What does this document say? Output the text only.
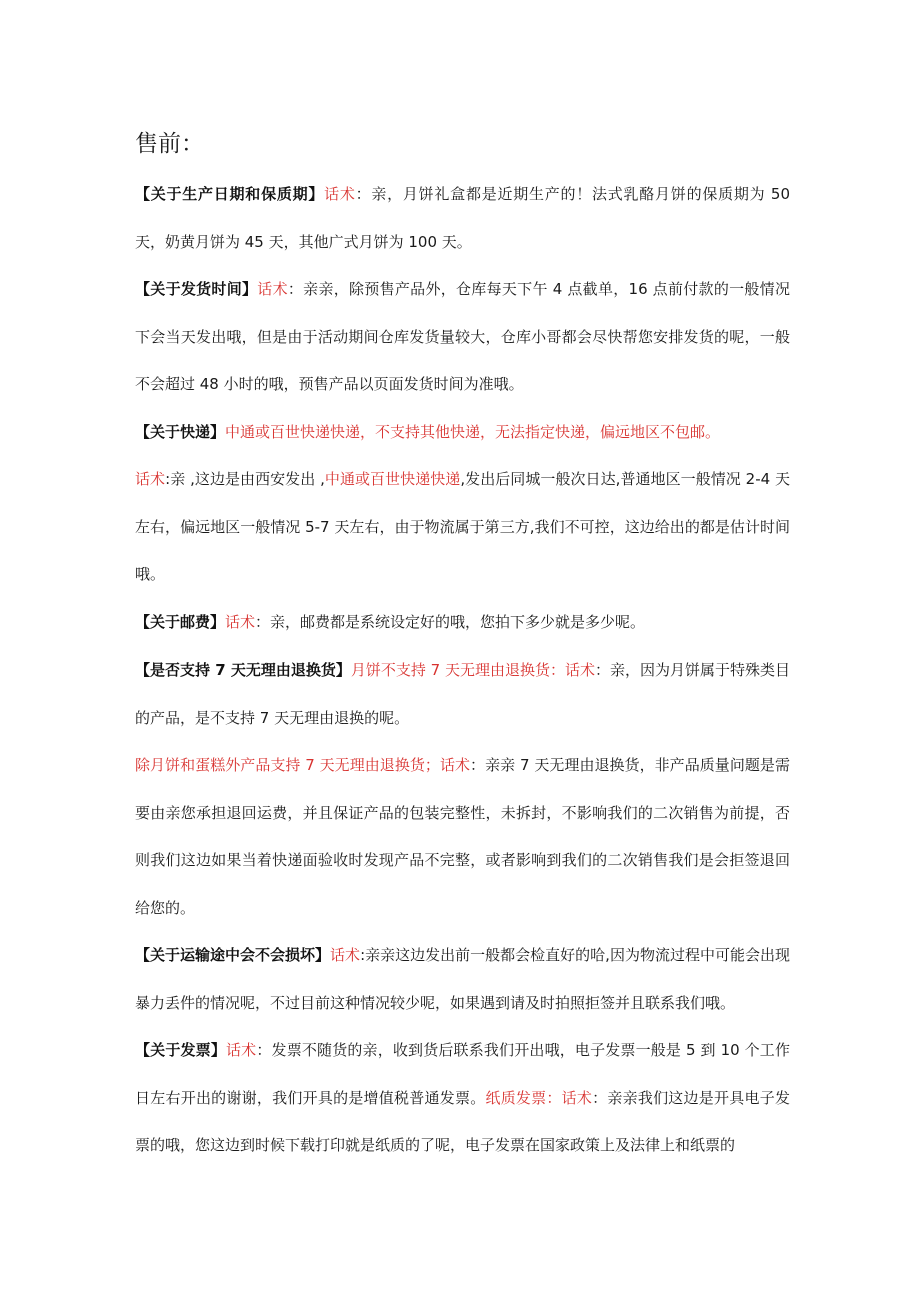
售前：

【关于生产日期和保质期】话术：亲，月饼礼盒都是近期生产的！法式乳酪月饼的保质期为 50 天，奶黄月饼为 45 天，其他广式月饼为 100 天。

【关于发货时间】话术：亲亲，除预售产品外，仓库每天下午 4 点截单，16 点前付款的一般情况下会当天发出哦，但是由于活动期间仓库发货量较大，仓库小哥都会尽快帮您安排发货的呢，一般不会超过 48 小时的哦，预售产品以页面发货时间为准哦。

【关于快递】中通或百世快递快递，不支持其他快递，无法指定快递，偏远地区不包邮。

话术:亲 ,这边是由西安发出 ,中通或百世快递快递,发出后同城一般次日达,普通地区一般情况 2-4 天左右，偏远地区一般情况 5-7 天左右，由于物流属于第三方,我们不可控，这边给出的都是估计时间哦。

【关于邮费】话术：亲，邮费都是系统设定好的哦，您拍下多少就是多少呢。

【是否支持 7 天无理由退换货】月饼不支持 7 天无理由退换货：话术：亲，因为月饼属于特殊类目的产品，是不支持 7 天无理由退换的呢。

除月饼和蛋糕外产品支持 7 天无理由退换货；话术：亲亲 7 天无理由退换货，非产品质量问题是需要由亲您承担退回运费，并且保证产品的包装完整性，未拆封，不影响我们的二次销售为前提，否则我们这边如果当着快递面验收时发现产品不完整，或者影响到我们的二次销售我们是会拒签退回给您的。

【关于运输途中会不会损坏】话术:亲亲这边发出前一般都会检直好的哈,因为物流过程中可能会出现暴力丢件的情况呢，不过目前这种情况较少呢，如果遇到请及时拍照拒签并且联系我们哦。

【关于发票】话术：发票不随货的亲，收到货后联系我们开出哦，电子发票一般是 5 到 10 个工作日左右开出的谢谢，我们开具的是增值税普通发票。纸质发票：话术：亲亲我们这边是开具电子发票的哦，您这边到时候下载打印就是纸质的了呢，电子发票在国家政策上及法律上和纸票的
